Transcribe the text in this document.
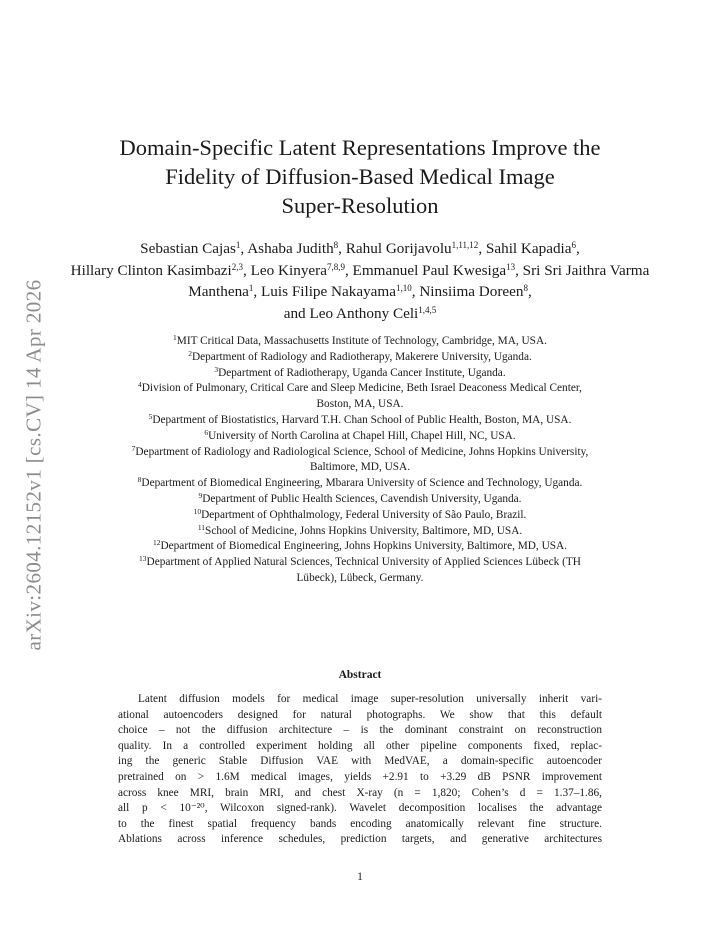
arXiv:2604.12152v1 [cs.CV] 14 Apr 2026
Domain-Specific Latent Representations Improve the
Fidelity of Diffusion-Based Medical Image
Super-Resolution
Sebastian Cajas$^1$, Ashaba Judith$^8$, Rahul Gorijavolu$^{1,11,12}$, Sahil Kapadia$^6$,
Hillary Clinton Kasimbazi$^{2,3}$, Leo Kinyera$^{7,8,9}$, Emmanuel Paul Kwesiga$^{13}$, Sri Sri Jaithra Varma Manthena$^1$, Luis Filipe Nakayama$^{1,10}$, Ninsiima Doreen$^8$,
and Leo Anthony Celi$^{1,4,5}$
$^1$MIT Critical Data, Massachusetts Institute of Technology, Cambridge, MA, USA.
$^2$Department of Radiology and Radiotherapy, Makerere University, Uganda.
$^3$Department of Radiotherapy, Uganda Cancer Institute, Uganda.
$^4$Division of Pulmonary, Critical Care and Sleep Medicine, Beth Israel Deaconess Medical Center,
Boston, MA, USA.
$^5$Department of Biostatistics, Harvard T.H. Chan School of Public Health, Boston, MA, USA.
$^6$University of North Carolina at Chapel Hill, Chapel Hill, NC, USA.
$^7$Department of Radiology and Radiological Science, School of Medicine, Johns Hopkins University,
Baltimore, MD, USA.
$^8$Department of Biomedical Engineering, Mbarara University of Science and Technology, Uganda.
$^9$Department of Public Health Sciences, Cavendish University, Uganda.
$^{10}$Department of Ophthalmology, Federal University of São Paulo, Brazil.
$^{11}$School of Medicine, Johns Hopkins University, Baltimore, MD, USA.
$^{12}$Department of Biomedical Engineering, Johns Hopkins University, Baltimore, MD, USA.
$^{13}$Department of Applied Natural Sciences, Technical University of Applied Sciences Lübeck (TH
Lübeck), Lübeck, Germany.
Abstract
Latent diffusion models for medical image super-resolution universally inherit vari-
ational autoencoders designed for natural photographs. We show that this default
choice – not the diffusion architecture – is the dominant constraint on reconstruction
quality. In a controlled experiment holding all other pipeline components fixed, replac-
ing the generic Stable Diffusion VAE with MedVAE, a domain-specific autoencoder
pretrained on > 1.6M medical images, yields +2.91 to +3.29 dB PSNR improvement
across knee MRI, brain MRI, and chest X-ray (n = 1,820; Cohen’s d = 1.37–1.86,
all p < 10⁻²⁰, Wilcoxon signed-rank). Wavelet decomposition localises the advantage
to the finest spatial frequency bands encoding anatomically relevant fine structure.
Ablations across inference schedules, prediction targets, and generative architectures
1
